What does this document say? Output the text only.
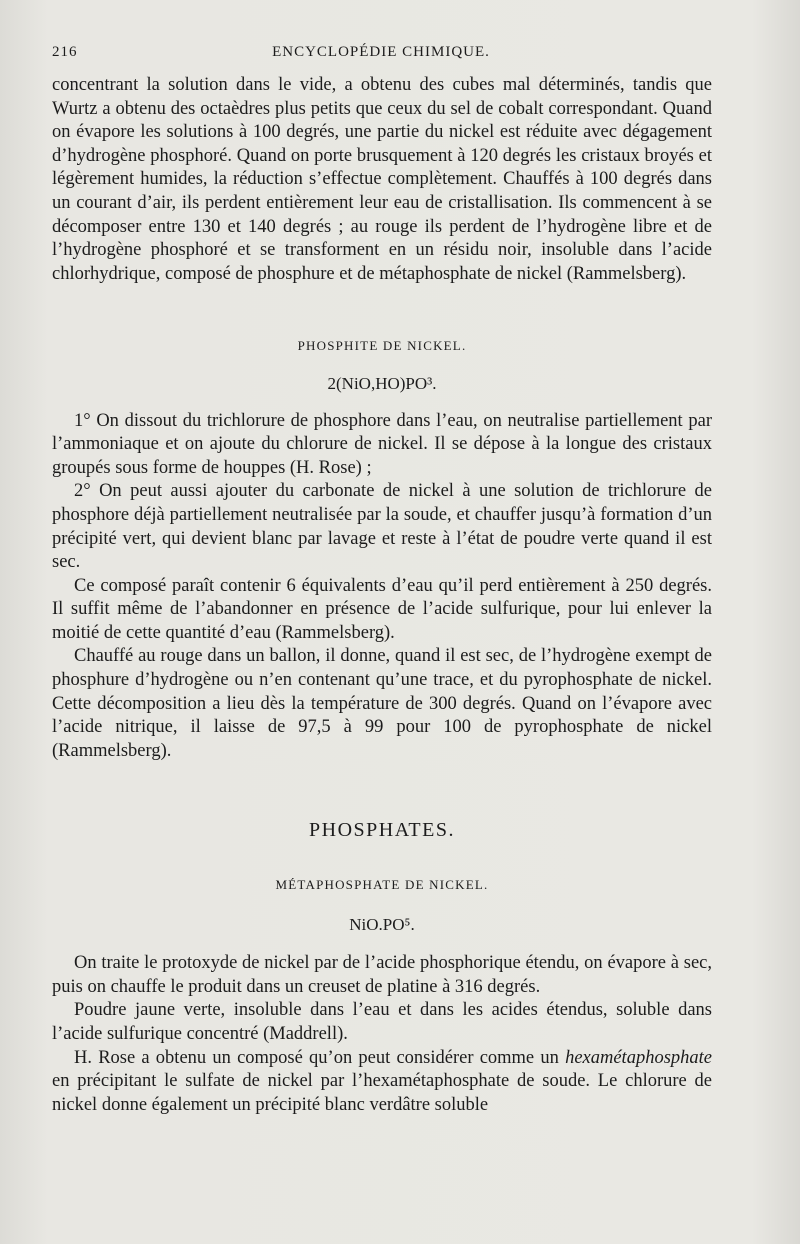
216	ENCYCLOPÉDIE CHIMIQUE.

concentrant la solution dans le vide, a obtenu des cubes mal déterminés, tandis que Wurtz a obtenu des octaèdres plus petits que ceux du sel de cobalt correspondant. Quand on évapore les solutions à 100 degrés, une partie du nickel est réduite avec dégagement d’hydrogène phosphoré. Quand on porte brusquement à 120 degrés les cristaux broyés et légèrement humides, la réduction s’effectue complètement. Chauffés à 100 degrés dans un courant d’air, ils perdent entièrement leur eau de cristallisation. Ils commencent à se décomposer entre 130 et 140 degrés ; au rouge ils perdent de l’hydrogène libre et de l’hydrogène phosphoré et se transforment en un résidu noir, insoluble dans l’acide chlorhydrique, composé de phosphure et de métaphosphate de nickel (Rammelsberg).

PHOSPHITE DE NICKEL.

2(NiO,HO)PO³.

1° On dissout du trichlorure de phosphore dans l’eau, on neutralise partiellement par l’ammoniaque et on ajoute du chlorure de nickel. Il se dépose à la longue des cristaux groupés sous forme de houppes (H. Rose) ;

2° On peut aussi ajouter du carbonate de nickel à une solution de trichlorure de phosphore déjà partiellement neutralisée par la soude, et chauffer jusqu’à formation d’un précipité vert, qui devient blanc par lavage et reste à l’état de poudre verte quand il est sec.

Ce composé paraît contenir 6 équivalents d’eau qu’il perd entièrement à 250 degrés. Il suffit même de l’abandonner en présence de l’acide sulfurique, pour lui enlever la moitié de cette quantité d’eau (Rammelsberg).

Chauffé au rouge dans un ballon, il donne, quand il est sec, de l’hydrogène exempt de phosphure d’hydrogène ou n’en contenant qu’une trace, et du pyrophosphate de nickel. Cette décomposition a lieu dès la température de 300 degrés. Quand on l’évapore avec l’acide nitrique, il laisse de 97,5 à 99 pour 100 de pyrophosphate de nickel (Rammelsberg).

PHOSPHATES.

MÉTAPHOSPHATE DE NICKEL.

NiO.PO⁵.

On traite le protoxyde de nickel par de l’acide phosphorique étendu, on évapore à sec, puis on chauffe le produit dans un creuset de platine à 316 degrés.

Poudre jaune verte, insoluble dans l’eau et dans les acides étendus, soluble dans l’acide sulfurique concentré (Maddrell).

H. Rose a obtenu un composé qu’on peut considérer comme un hexamétaphosphate en précipitant le sulfate de nickel par l’hexamétaphosphate de soude. Le chlorure de nickel donne également un précipité blanc verdâtre soluble
